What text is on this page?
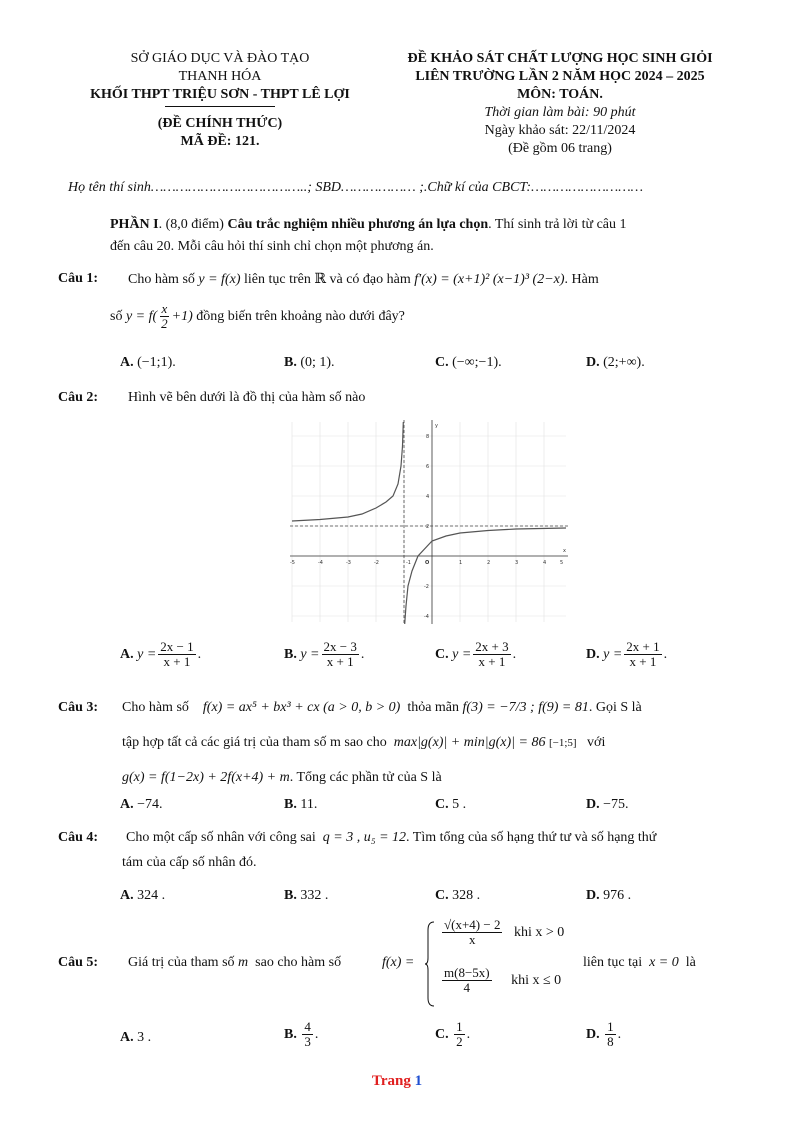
SỞ GIÁO DỤC VÀ ĐÀO TẠO
THANH HÓA
KHỐI THPT TRIỆU SƠN - THPT LÊ LỢI
(ĐỀ CHÍNH THỨC)
MÃ ĐỀ: 121.
ĐỀ KHẢO SÁT CHẤT LƯỢNG HỌC SINH GIỎI
LIÊN TRƯỜNG LẦN 2 NĂM HỌC 2024 – 2025
MÔN: TOÁN.
Thời gian làm bài: 90 phút
Ngày khảo sát: 22/11/2024
(Đề gồm 06 trang)
Họ tên thí sinh………………………………..; SBD……………… ;.Chữ kí của CBCT:………………………
PHẦN I. (8,0 điểm) Câu trắc nghiệm nhiều phương án lựa chọn. Thí sinh trả lời từ câu 1
đến câu 20. Mỗi câu hỏi thí sinh chỉ chọn một phương án.
Câu 1: Cho hàm số y = f(x) liên tục trên ℝ và có đạo hàm f′(x) = (x+1)² (x−1)³ (2−x). Hàm
số $y = f( \frac{x}{2} +1)$ đồng biến trên khoảng nào dưới đây?
A. (−1;1).	B. (0; 1).	C. (−∞;−1).	D. (2;+∞).
Câu 2: Hình vẽ bên dưới là đồ thị của hàm số nào
-5	-4	-3	-2	-1	1	2	3	4	5
8
6
4
2
-2
-4
x
y
O
A. $y = \frac{2x - 1}{x + 1}$ .	B. $y = \frac{2x - 3}{x + 1}$ .	C. $y = \frac{2x + 3}{x + 1}$ .	D. $y = \frac{2x + 1}{x + 1}$ .
Câu 3: Cho hàm số f(x) = ax⁵ + bx³ + cx (a > 0, b > 0) thỏa mãn f(3) = −7/3 ; f(9) = 81. Gọi S là
tập hợp tất cả các giá trị của tham số m sao cho max|g(x)| + min|g(x)| = 86 [−1;5] với
g(x) = f(1−2x) + 2f(x+4) + m. Tổng các phần tử của S là
A. −74.	B. 11.	C. 5 .	D. −75.
Câu 4: Cho một cấp số nhân với công sai q = 3 , u₅ = 12. Tìm tổng của số hạng thứ tư và số hạng thứ
tám của cấp số nhân đó.
A. 324 .	B. 332 .	C. 328 .	D. 976 .
Câu 5: Giá trị của tham số m sao cho hàm số	f(x) =
$\frac{√(x+4) - 2}{x}$ khi x > 0
$\frac{m(8-5x)}{4}$ khi x ≤ 0
liên tục tại x = 0 là
A. 3 .	B. $\frac{4}{3}$ .	C. $\frac{1}{2}$ .	D. $\frac{1}{8}$ .
Trang 1
